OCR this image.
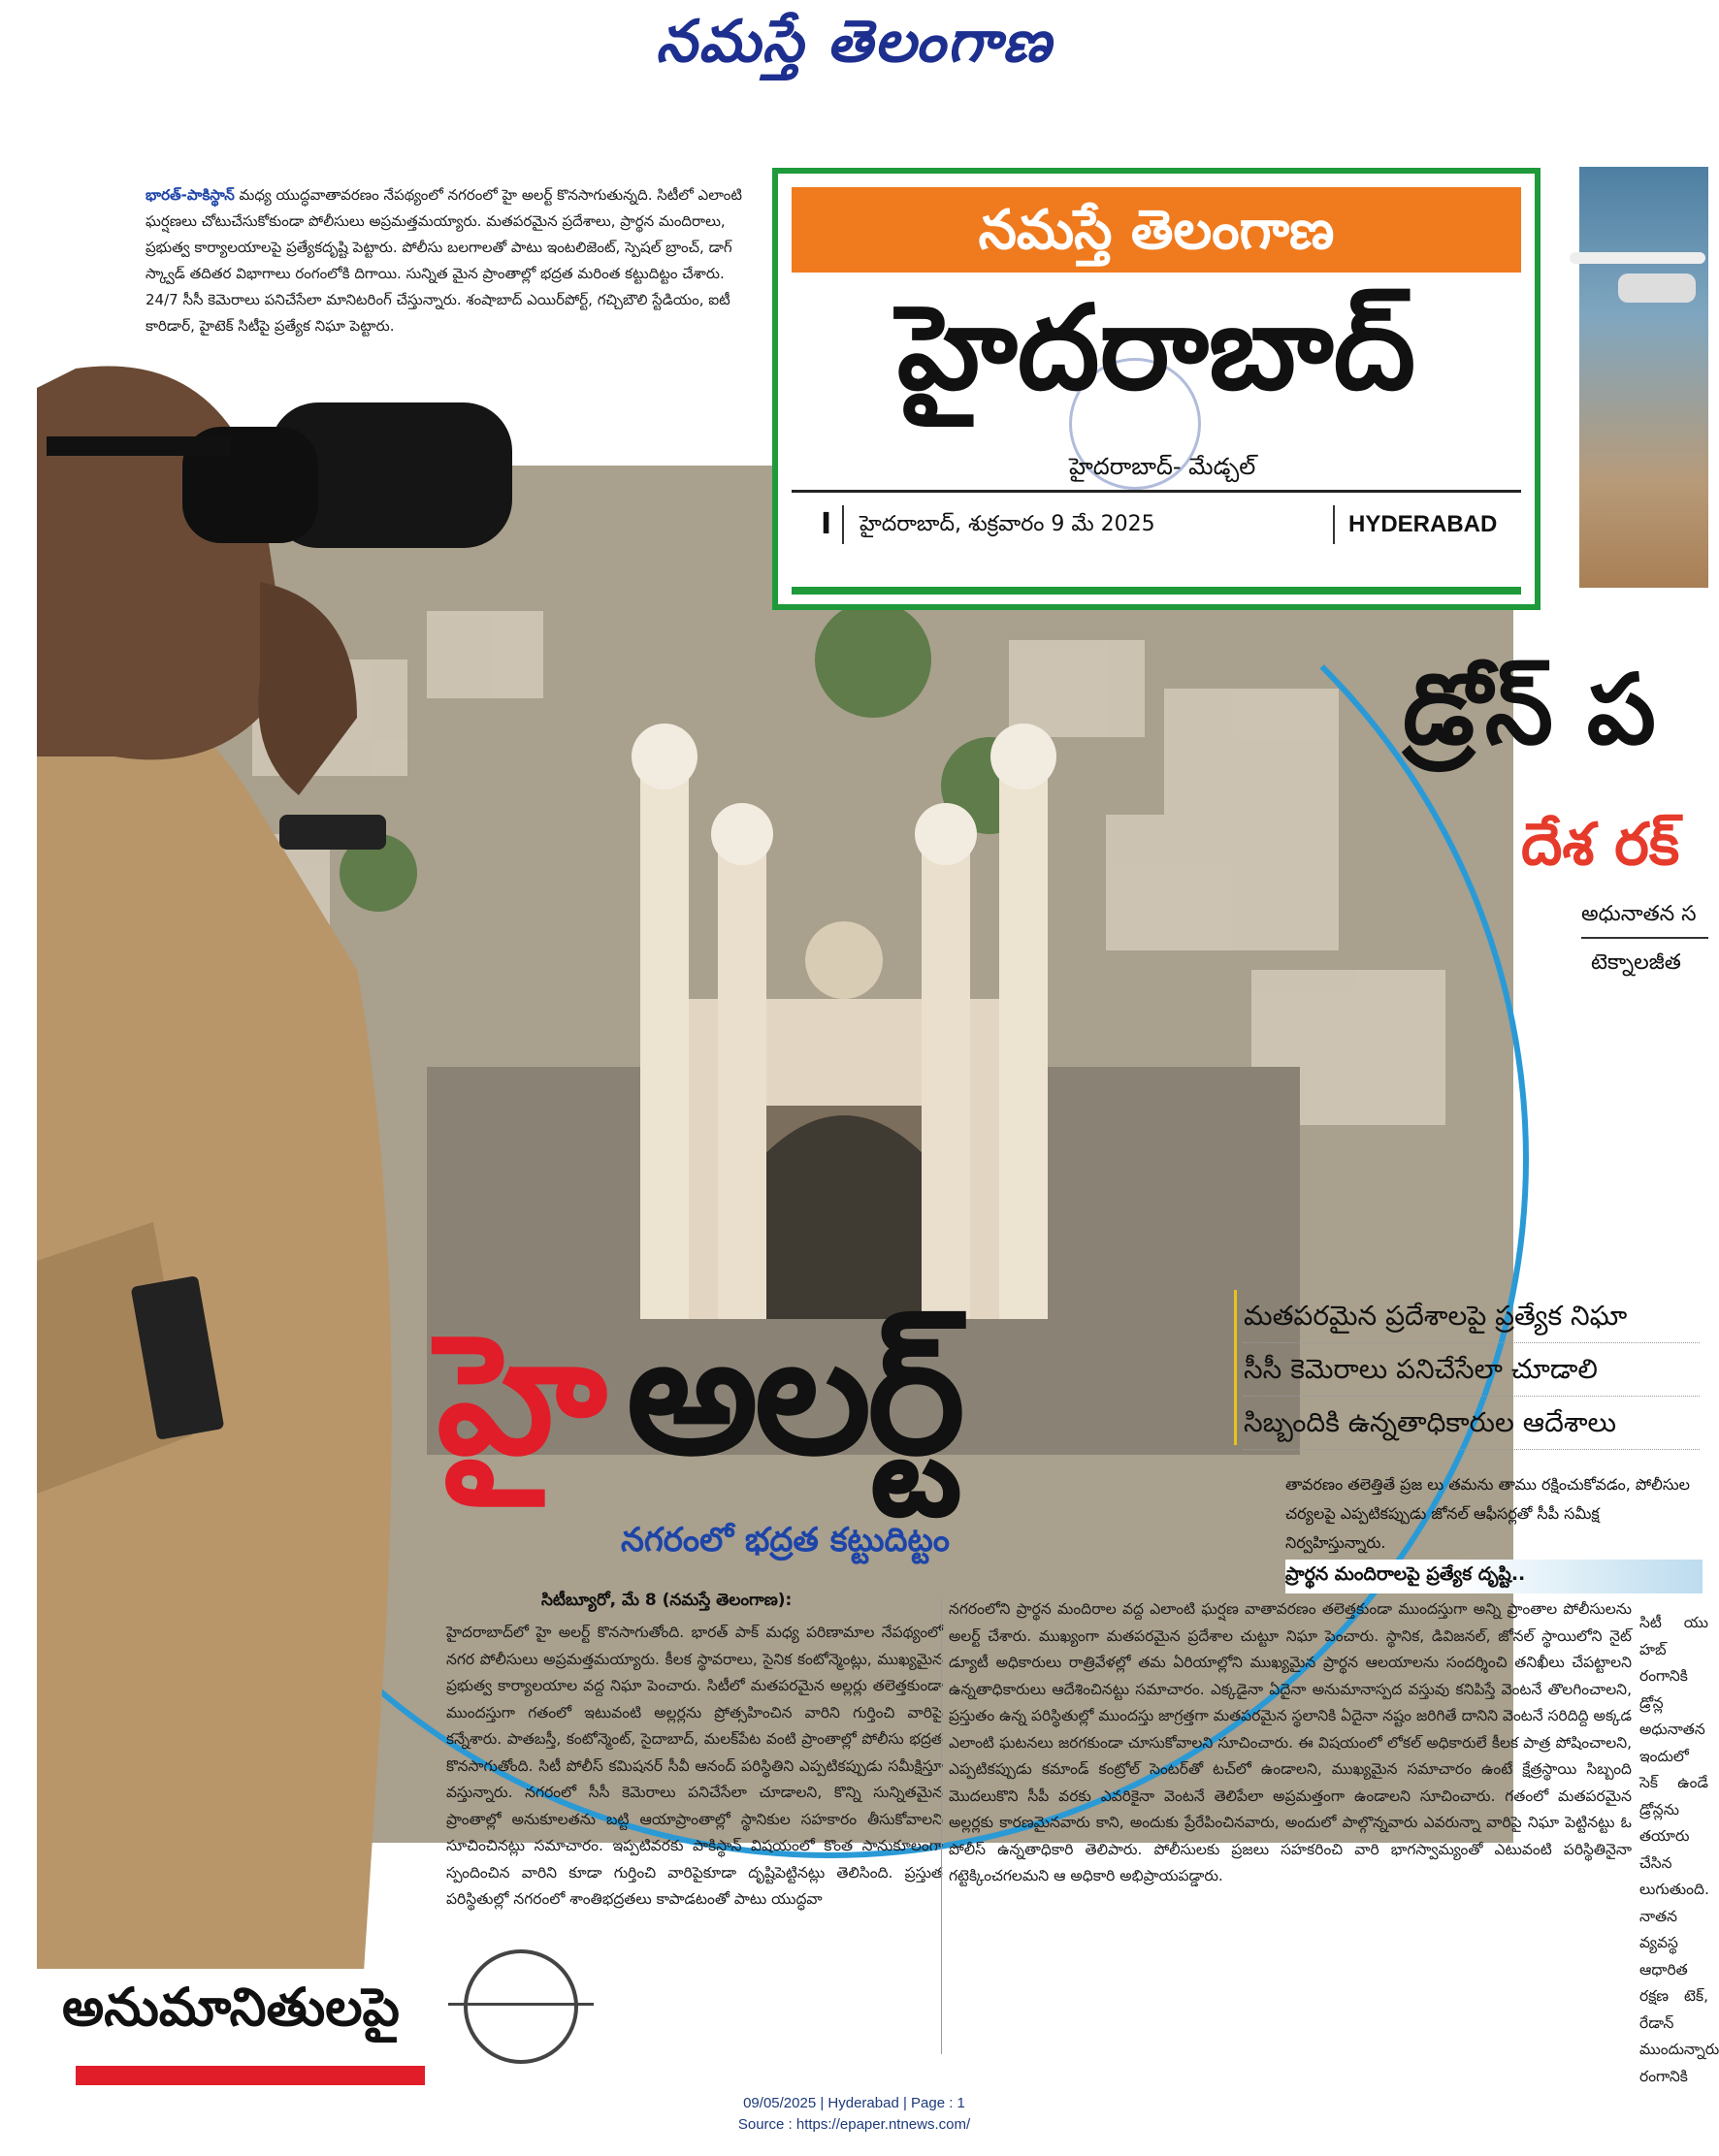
నమస్తే తెలంగాణ
భారత్‌-పాకిస్థాన్‌ మధ్య యుద్ధవాతావరణం నేపథ్యంలో నగరంలో హై అలర్ట్‌ కొనసాగుతున్నది. సిటీలో ఎలాంటి ఘర్షణలు చోటుచేసుకోకుండా పోలీసులు అప్రమత్తమయ్యారు. మతపరమైన ప్రదేశాలు, ప్రార్థన మందిరాలు, ప్రభుత్వ కార్యాలయాలపై ప్రత్యేకదృష్టి పెట్టారు. పోలీసు బలగాలతో పాటు ఇంటలిజెంట్‌, స్పెషల్‌ బ్రాంచ్‌, డాగ్‌ స్క్వాడ్‌ తదితర విభాగాలు రంగంలోకి దిగాయి. సున్నిత మైన ప్రాంతాల్లో భద్రత మరింత కట్టుదిట్టం చేశారు. 24/7 సీసీ కెమెరాలు పనిచేసేలా మానిటరింగ్‌ చేస్తున్నారు. శంషాబాద్‌ ఎయిర్‌పోర్ట్‌, గచ్చిబౌలి స్టేడియం, ఐటీ కారిడార్‌, హైటెక్‌ సిటీపై ప్రత్యేక నిఘా పెట్టారు.
నమస్తే తెలంగాణ
హైదరాబాద్‌
హైదరాబాద్‌- మేడ్చల్‌
I హైదరాబాద్‌, శుక్రవారం 9 మే 2025	HYDERABAD
డ్రోన్‌ ప
దేశ రక్
అధునాతన స
టెక్నాలజీత
హై అలర్ట్‌
నగరంలో భద్రత కట్టుదిట్టం
మతపరమైన ప్రదేశాలపై ప్రత్యేక నిఘా
సీసీ కెమెరాలు పనిచేసేలా చూడాలి
సిబ్బందికి ఉన్నతాధికారుల ఆదేశాలు
తావరణం తలెత్తితే ప్రజ లు తమను తాము రక్షించుకోవడం, పోలీసుల చర్యలపై ఎప్పటికప్పుడు జోనల్‌ ఆఫీసర్లతో సీపీ సమీక్ష నిర్వహిస్తున్నారు.
ప్రార్థన మందిరాలపై ప్రత్యేక దృష్టి..
సిటీబ్యూరో, మే 8 (నమస్తే తెలంగాణ):
హైదరాబాద్‌లో హై అలర్ట్‌ కొనసాగుతోంది. భారత్‌ పాక్‌ మధ్య పరిణామాల నేపథ్యంలో నగర పోలీసులు అప్రమత్తమయ్యారు. కీలక స్థావరాలు, సైనిక కంటోన్మెంట్లు, ముఖ్యమైన ప్రభుత్వ కార్యాలయాల వద్ద నిఘా పెంచారు. సిటీలో మతపరమైన అల్లర్లు తలెత్తకుండా ముందస్తుగా గతంలో ఇటువంటి అల్లర్లను ప్రోత్సహించిన వారిని గుర్తించి వారిపై కన్నేశారు. పాతబస్తీ, కంటోన్మెంట్‌, సైదాబాద్‌, మలక్‌పేట వంటి ప్రాంతాల్లో పోలీసు భద్రత కొనసాగుతోంది. సిటీ పోలీస్‌ కమిషనర్‌ సీవీ ఆనంద్‌ పరిస్థితిని ఎప్పటికప్పుడు సమీక్షిస్తూ వస్తున్నారు. నగరంలో సీసీ కెమెరాలు పనిచేసేలా చూడాలని, కొన్ని సున్నితమైన ప్రాంతాల్లో అనుకూలతను బట్టి ఆయాప్రాంతాల్లో స్థానికుల సహకారం తీసుకోవాలని సూచించినట్లు సమాచారం. ఇప్పటివరకు పాకిస్థాన్‌ విషయంలో కొంత సానుకూలంగా స్పందించిన వారిని కూడా గుర్తించి వారిపైకూడా దృష్టిపెట్టినట్లు తెలిసింది. ప్రస్తుత పరిస్థితుల్లో నగరంలో శాంతిభద్రతలు కాపాడటంతో పాటు యుద్ధవా
నగరంలోని ప్రార్థన మందిరాల వద్ద ఎలాంటి ఘర్షణ వాతావరణం తలెత్తకుండా ముందస్తుగా అన్ని ప్రాంతాల పోలీసులను అలర్ట్‌ చేశారు. ముఖ్యంగా మతపరమైన ప్రదేశాల చుట్టూ నిఘా పెంచారు. స్థానిక, డివిజనల్‌, జోనల్‌ స్థాయిలోని నైట్‌ డ్యూటీ అధికారులు రాత్రివేళల్లో తమ ఏరియాల్లోని ముఖ్యమైన ప్రార్థన ఆలయాలను సందర్శించి తనిఖీలు చేపట్టాలని ఉన్నతాధికారులు ఆదేశించినట్టు సమాచారం. ఎక్కడైనా ఏదైనా అనుమానాస్పద వస్తువు కనిపిస్తే వెంటనే తొలగించాలని, ప్రస్తుతం ఉన్న పరిస్థితుల్లో ముందస్తు జాగ్రత్తగా మతపరమైన స్థలానికి ఏదైనా నష్టం జరిగితే దానిని వెంటనే సరిదిద్ది అక్కడ ఎలాంటి ఘటనలు జరగకుండా చూసుకోవాలని సూచించారు. ఈ విషయంలో లోకల్‌ అధికారులే కీలక పాత్ర పోషించాలని, ఎప్పటికప్పుడు కమాండ్‌ కంట్రోల్‌ సెంటర్‌తో టచ్‌లో ఉండాలని, ముఖ్యమైన సమాచారం ఉంటే క్షేత్రస్థాయి సిబ్బంది మొదలుకొని సీపీ వరకు ఎవరికైనా వెంటనే తెలిపేలా అప్రమత్తంగా ఉండాలని సూచించారు. గతంలో మతపరమైన అల్లర్లకు కారణమైనవారు కాని, అందుకు ప్రేరేపించినవారు, అందులో పాల్గొన్నవారు ఎవరున్నా వారిపై నిఘా పెట్టినట్టు ఓ పోలీస్‌ ఉన్నతాధికారి తెలిపారు. పోలీసులకు ప్రజలు సహకరించి వారి భాగస్వామ్యంతో ఎటువంటి పరిస్థితినైనా గట్టెక్కించగలమని ఆ అధికారి అభిప్రాయపడ్డారు.
సిటీ యు హబ్‌ రంగానికి డ్రోన్ల అధునాతన ఇందులో సెక్‌ ఉండే డ్రోన్లను తయారు చేసిన లుగుతుంది. నాతన వ్యవస్థ ఆధారిత రక్షణ టెక్‌, రేడాన్‌ ముందున్నారు రంగానికి
అనుమానితులపై
09/05/2025 | Hyderabad | Page : 1
Source : https://epaper.ntnews.com/
